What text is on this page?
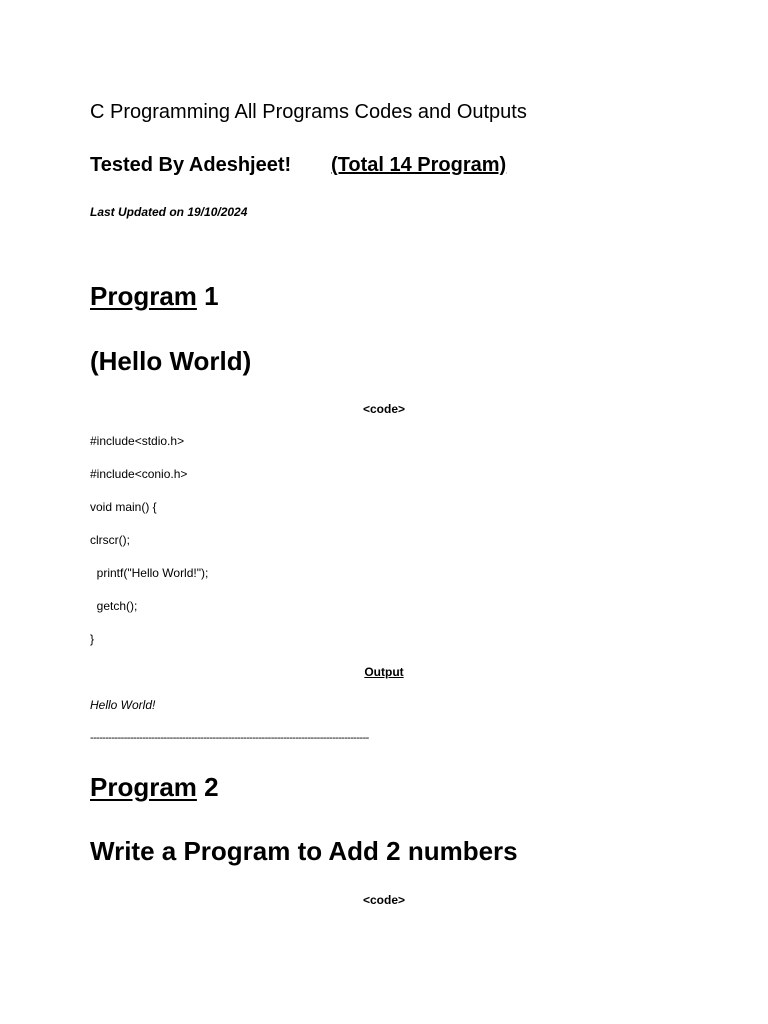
C Programming All Programs Codes and Outputs
Tested By Adeshjeet! (Total 14 Program)
Last Updated on 19/10/2024
Program 1
(Hello World)
<code>
#include<stdio.h>
#include<conio.h>
void main() {
clrscr();
printf("Hello World!");
getch();
}
Output
Hello World!
-------------------------------------------------------------------------------------------
Program 2
Write a Program to Add 2 numbers
<code>
